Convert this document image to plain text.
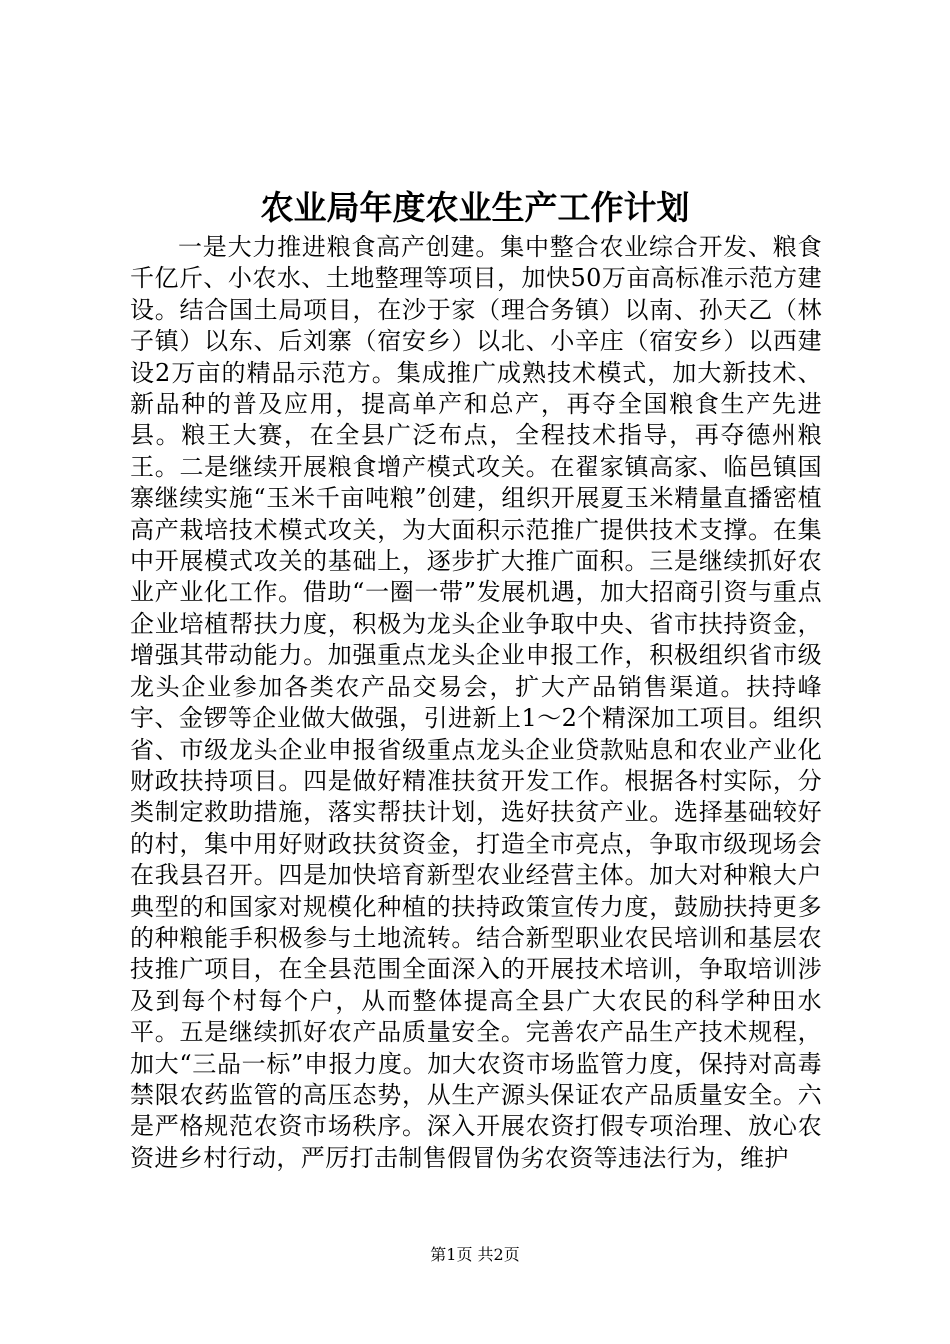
农业局年度农业生产工作计划

一是大力推进粮食高产创建。集中整合农业综合开发、粮食千亿斤、小农水、土地整理等项目，加快50万亩高标准示范方建设。结合国土局项目，在沙于家（理合务镇）以南、孙天乙（林子镇）以东、后刘寨（宿安乡）以北、小辛庄（宿安乡）以西建设2万亩的精品示范方。集成推广成熟技术模式，加大新技术、新品种的普及应用，提高单产和总产，再夺全国粮食生产先进县。粮王大赛，在全县广泛布点，全程技术指导，再夺德州粮王。二是继续开展粮食增产模式攻关。在翟家镇高家、临邑镇国寨继续实施“玉米千亩吨粮”创建，组织开展夏玉米精量直播密植高产栽培技术模式攻关，为大面积示范推广提供技术支撑。在集中开展模式攻关的基础上，逐步扩大推广面积。三是继续抓好农业产业化工作。借助“一圈一带”发展机遇，加大招商引资与重点企业培植帮扶力度，积极为龙头企业争取中央、省市扶持资金，增强其带动能力。加强重点龙头企业申报工作，积极组织省市级龙头企业参加各类农产品交易会，扩大产品销售渠道。扶持峰宇、金锣等企业做大做强，引进新上1～2个精深加工项目。组织省、市级龙头企业申报省级重点龙头企业贷款贴息和农业产业化财政扶持项目。四是做好精准扶贫开发工作。根据各村实际，分类制定救助措施，落实帮扶计划，选好扶贫产业。选择基础较好的村，集中用好财政扶贫资金，打造全市亮点，争取市级现场会在我县召开。四是加快培育新型农业经营主体。加大对种粮大户典型的和国家对规模化种植的扶持政策宣传力度，鼓励扶持更多的种粮能手积极参与土地流转。结合新型职业农民培训和基层农技推广项目，在全县范围全面深入的开展技术培训，争取培训涉及到每个村每个户，从而整体提高全县广大农民的科学种田水平。五是继续抓好农产品质量安全。完善农产品生产技术规程，加大“三品一标”申报力度。加大农资市场监管力度，保持对高毒禁限农药监管的高压态势，从生产源头保证农产品质量安全。六是严格规范农资市场秩序。深入开展农资打假专项治理、放心农资进乡村行动，严厉打击制售假冒伪劣农资等违法行为，维护

第1页 共2页
